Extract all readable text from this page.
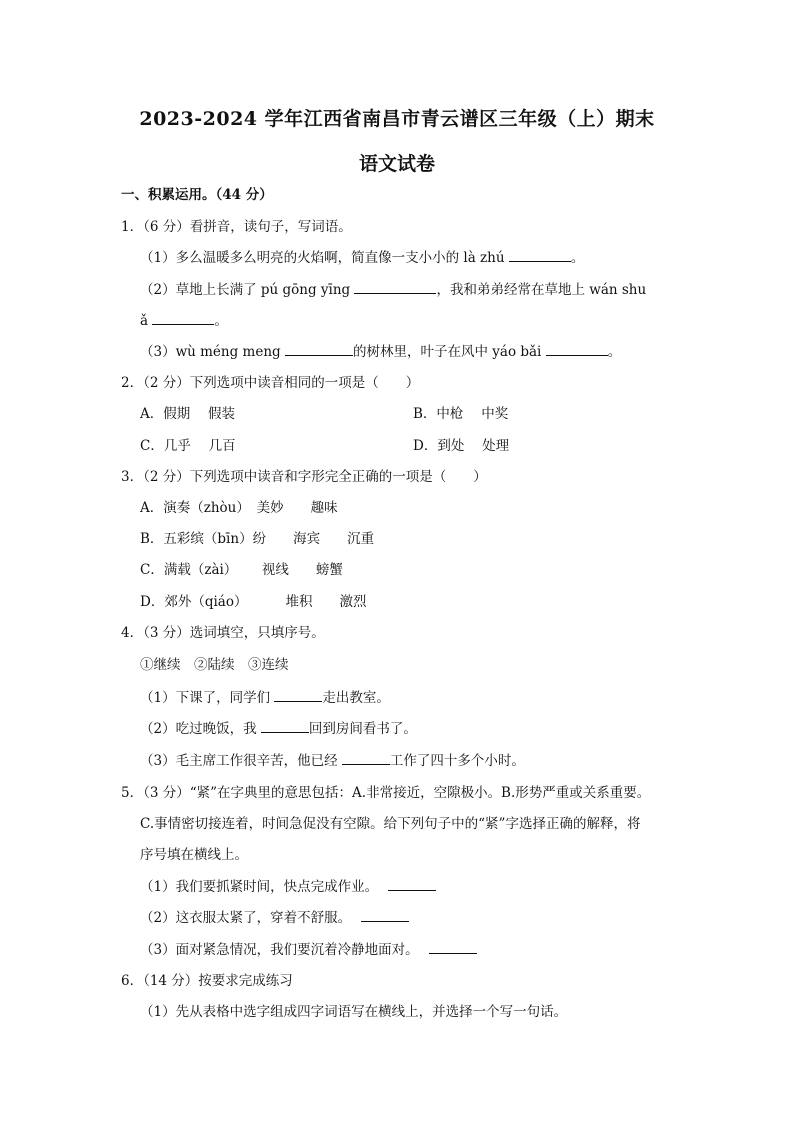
2023-2024 学年江西省南昌市青云谱区三年级（上）期末
语文试卷
一、积累运用。（44 分）
1．（6 分）看拼音，读句子，写词语。
（1）多么温暖多么明亮的火焰啊，简直像一支小小的 là zhú	。
（2）草地上长满了 pú gōng yīng	，我和弟弟经常在草地上 wán shu
ǎ	。
（3）wù méng meng	的树林里，叶子在风中 yáo bǎi	。
2．（2 分）下列选项中读音相同的一项是（　　）
A．假期　 假装	B．中枪　 中奖
C．几乎　 几百	D．到处　 处理
3．（2 分）下列选项中读音和字形完全正确的一项是（　　）
A．演奏（zhòu）　美妙　　趣味
B．五彩缤（bīn）纷　　海宾　　沉重
C．满载（zài）　　 视线　　螃蟹
D．郊外（qiáo）　　　 堆积　　激烈
4．（3 分）选词填空，只填序号。
①继续　②陆续　③连续
（1）下课了，同学们	走出教室。
（2）吃过晚饭，我	回到房间看书了。
（3）毛主席工作很辛苦，他已经	工作了四十多个小时。
5．（3 分）“紧”在字典里的意思包括：A.非常接近，空隙极小。B.形势严重或关系重要。
C.事情密切接连着，时间急促没有空隙。给下列句子中的“紧”字选择正确的解释，将
序号填在横线上。
（1）我们要抓紧时间，快点完成作业。
（2）这衣服太紧了，穿着不舒服。
（3）面对紧急情况，我们要沉着冷静地面对。
6．（14 分）按要求完成练习
（1）先从表格中选字组成四字词语写在横线上，并选择一个写一句话。
